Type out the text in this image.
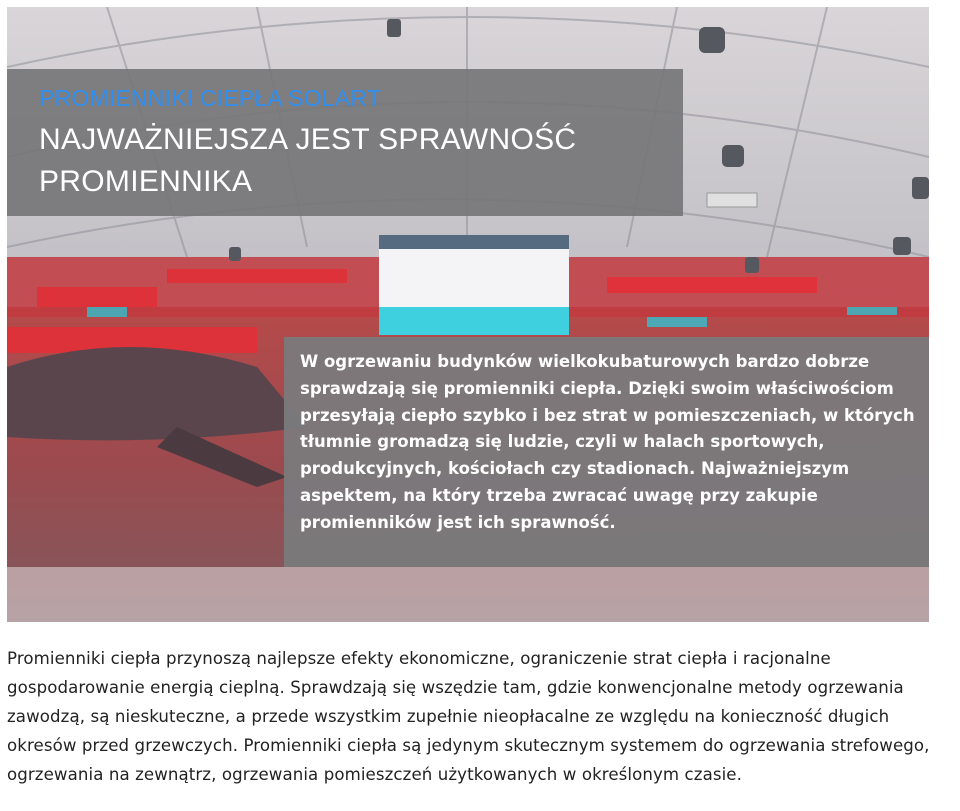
PROMIENNIKI CIEPŁA SOLART
NAJWAŻNIEJSZA JEST SPRAWNOŚĆ PROMIENNIKA
W ogrzewaniu budynków wielkokubaturowych bardzo dobrze sprawdzają się promienniki ciepła. Dzięki swoim właściwościom przesyłają ciepło szybko i bez strat w pomieszczeniach, w których tłumnie gromadzą się ludzie, czyli w halach sportowych, produkcyjnych, kościołach czy stadionach. Najważniejszym aspektem, na który trzeba zwracać uwagę przy zakupie promienników jest ich sprawność.
Promienniki ciepła przynoszą najlepsze efekty ekonomiczne, ograniczenie strat ciepła i racjonalne gospodarowanie energią cieplną. Sprawdzają się wszędzie tam, gdzie konwencjonalne metody ogrzewania zawodzą, są nieskuteczne, a przede wszystkim zupełnie nieopłacalne ze względu na konieczność długich okresów przed grzewczych. Promienniki ciepła są jedynym skutecznym systemem do ogrzewania strefowego, ogrzewania na zewnątrz, ogrzewania pomieszczeń użytkowanych w określonym czasie.
